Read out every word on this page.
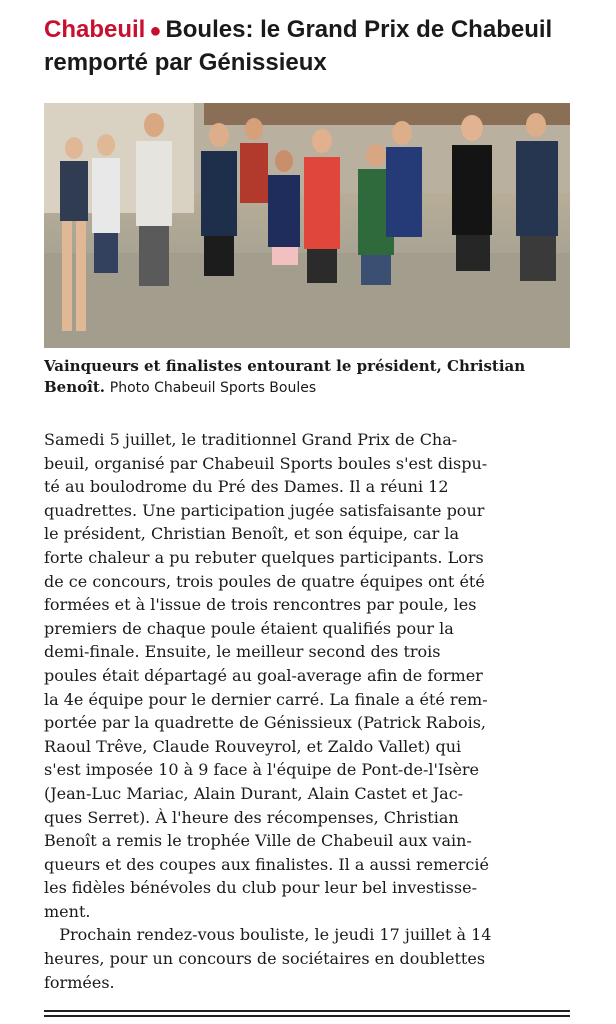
Chabeuil ● Boules: le Grand Prix de Chabeuil remporté par Génissieux

Vainqueurs et finalistes entourant le président, Christian Benoît. Photo Chabeuil Sports Boules

Samedi 5 juillet, le traditionnel Grand Prix de Cha-
beuil, organisé par Chabeuil Sports boules s'est dispu-
té au boulodrome du Pré des Dames. Il a réuni 12
quadrettes. Une participation jugée satisfaisante pour
le président, Christian Benoît, et son équipe, car la
forte chaleur a pu rebuter quelques participants. Lors
de ce concours, trois poules de quatre équipes ont été
formées et à l'issue de trois rencontres par poule, les
premiers de chaque poule étaient qualifiés pour la
demi-finale. Ensuite, le meilleur second des trois
poules était départagé au goal-average afin de former
la 4e équipe pour le dernier carré. La finale a été rem-
portée par la quadrette de Génissieux (Patrick Rabois,
Raoul Trêve, Claude Rouveyrol, et Zaldo Vallet) qui
s'est imposée 10 à 9 face à l'équipe de Pont-de-l'Isère
(Jean-Luc Mariac, Alain Durant, Alain Castet et Jac-
ques Serret). À l'heure des récompenses, Christian
Benoît a remis le trophée Ville de Chabeuil aux vain-
queurs et des coupes aux finalistes. Il a aussi remercié
les fidèles bénévoles du club pour leur bel investisse-
ment.
Prochain rendez-vous bouliste, le jeudi 17 juillet à 14
heures, pour un concours de sociétaires en doublettes
formées.
